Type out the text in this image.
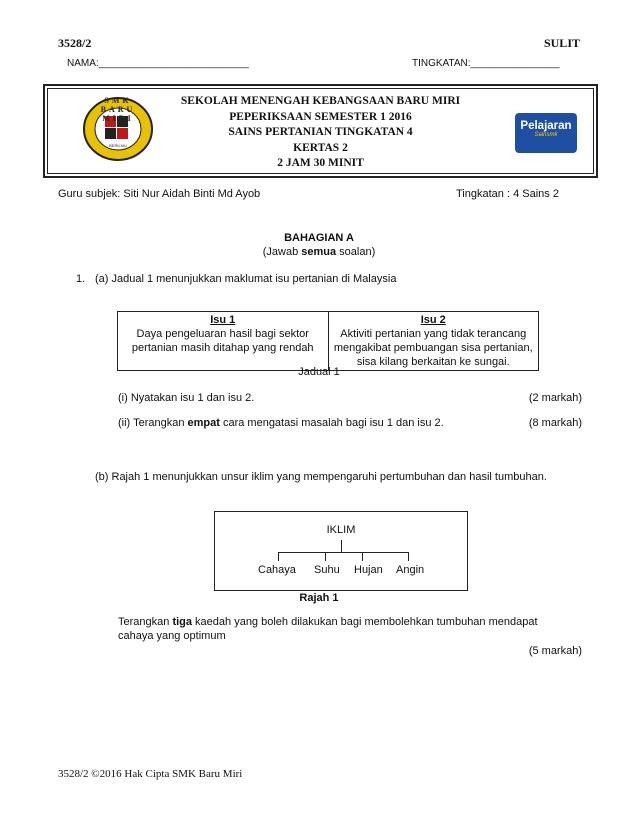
3528/2	SULIT
NAMA:___________________________	TINGKATAN:________________
SEKOLAH MENENGAH KEBANGSAAN BARU MIRI
PEPERIKSAAN SEMESTER 1 2016
SAINS PERTANIAN TINGKATAN 4
KERTAS 2
2 JAM 30 MINIT
BERILMU
SMK BARU MIRI
Pelajaran
Sainsmk
Guru subjek: Siti Nur Aidah Binti Md Ayob	Tingkatan : 4 Sains 2
BAHAGIAN A
(Jawab semua soalan)
1. (a) Jadual 1 menunjukkan maklumat isu pertanian di Malaysia
Isu 1
Daya pengeluaran hasil bagi sektor pertanian masih ditahap yang rendah	
Isu 2
Aktiviti pertanian yang tidak terancang mengakibat pembuangan sisa pertanian, sisa kilang berkaitan ke sungai.
Jadual 1
(i) Nyatakan isu 1 dan isu 2.	(2 markah)
(ii) Terangkan empat cara mengatasi masalah bagi isu 1 dan isu 2.	(8 markah)
(b) Rajah 1 menunjukkan unsur iklim yang mempengaruhi pertumbuhan dan hasil tumbuhan.
IKLIM
Cahaya Suhu Hujan Angin
Rajah 1
Terangkan tiga kaedah yang boleh dilakukan bagi membolehkan tumbuhan mendapat
cahaya yang optimum
(5 markah)
3528/2 ©2016 Hak Cipta SMK Baru Miri
